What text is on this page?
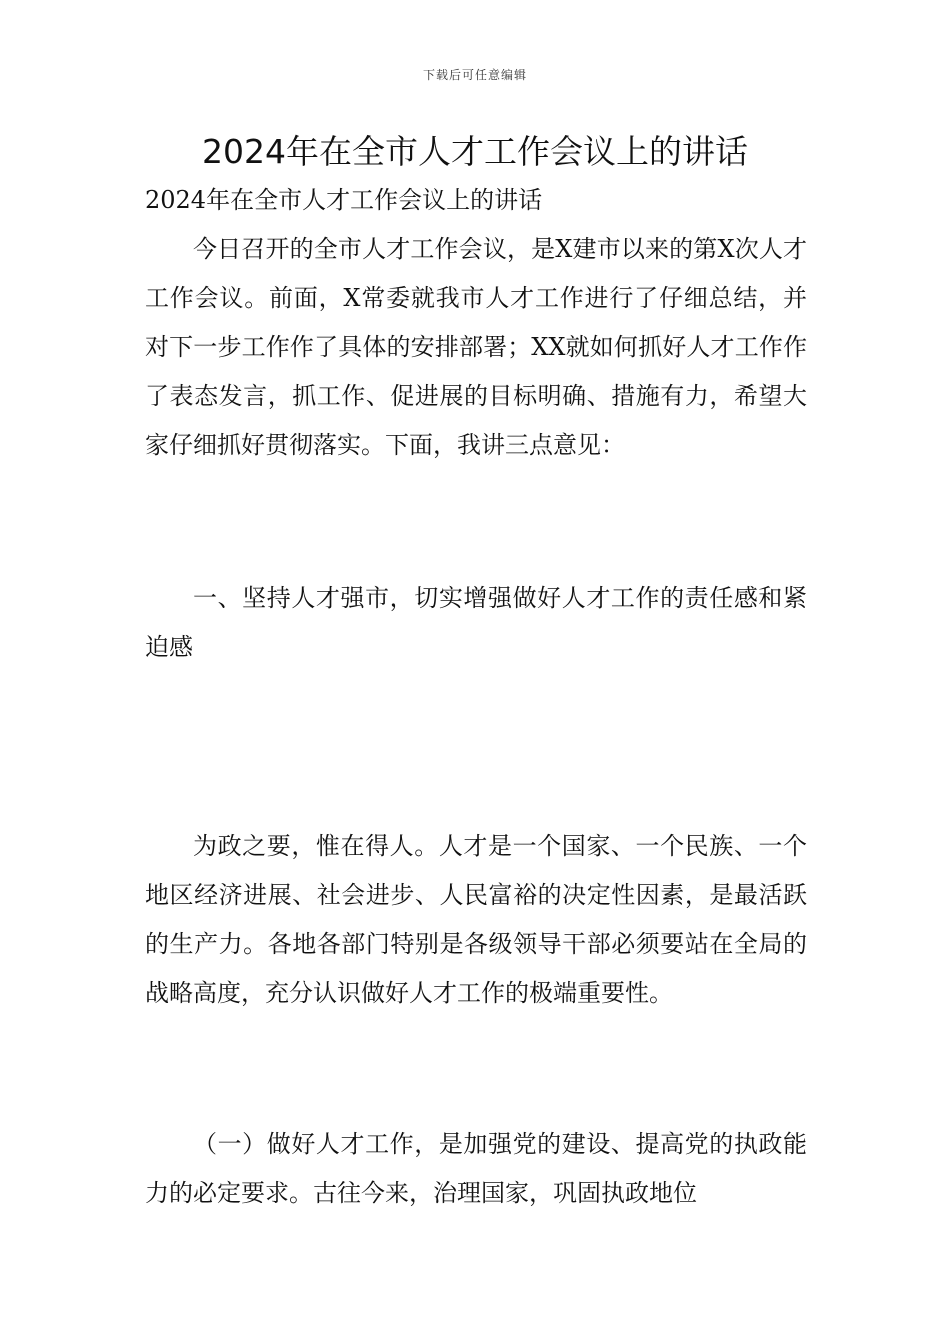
下载后可任意编辑
2024年在全市人才工作会议上的讲话

2024年在全市人才工作会议上的讲话

今日召开的全市人才工作会议，是X建市以来的第X次人才工作会议。前面，X常委就我市人才工作进行了仔细总结，并对下一步工作作了具体的安排部署；XX就如何抓好人才工作作了表态发言，抓工作、促进展的目标明确、措施有力，希望大家仔细抓好贯彻落实。下面，我讲三点意见：

一、坚持人才强市，切实增强做好人才工作的责任感和紧迫感

为政之要，惟在得人。人才是一个国家、一个民族、一个地区经济进展、社会进步、人民富裕的决定性因素，是最活跃的生产力。各地各部门特别是各级领导干部必须要站在全局的战略高度，充分认识做好人才工作的极端重要性。

（一）做好人才工作，是加强党的建设、提高党的执政能力的必定要求。古往今来，治理国家，巩固执政地位
